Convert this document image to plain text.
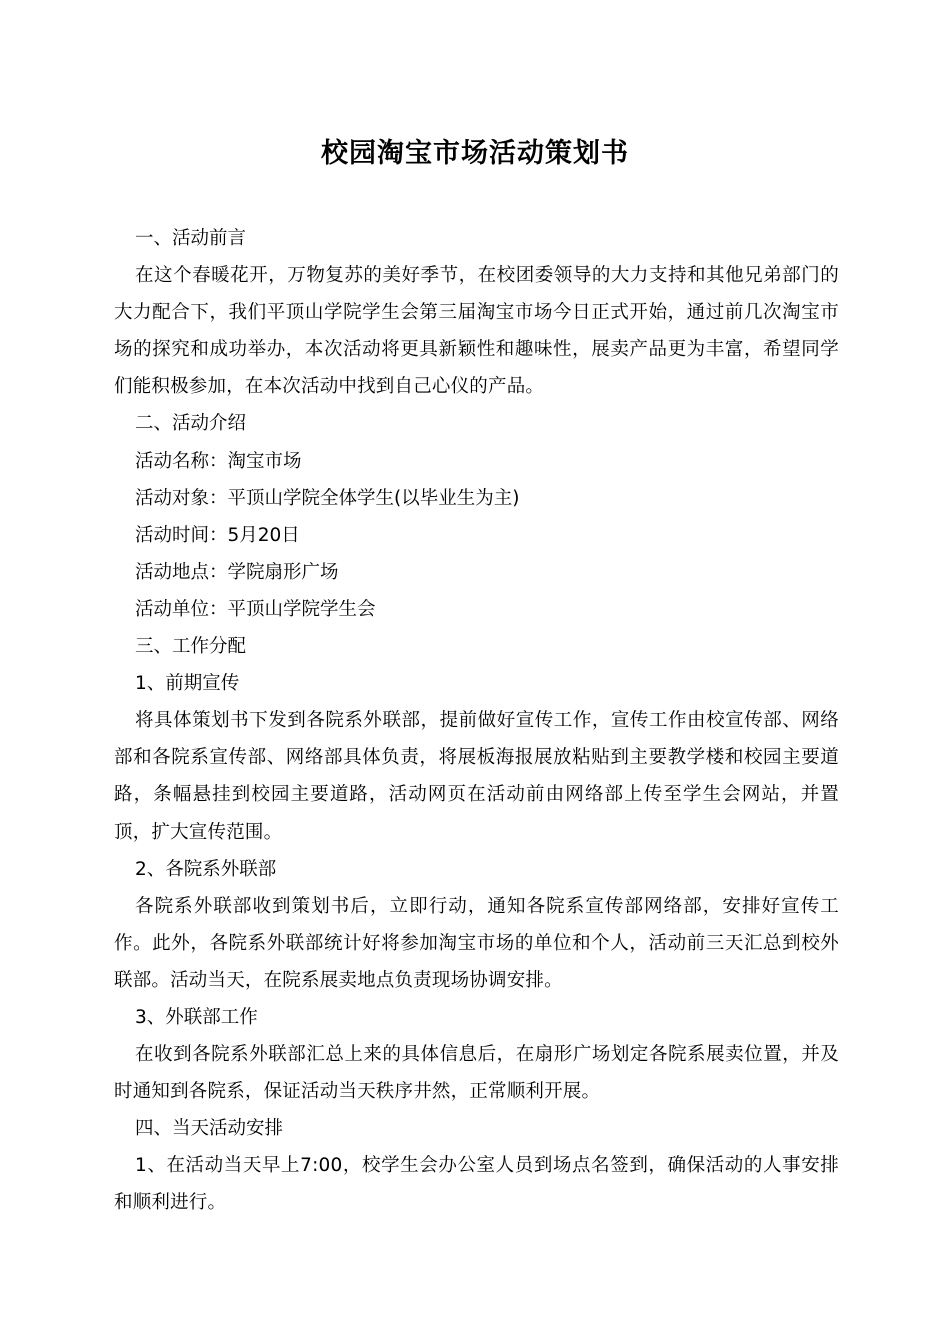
校园淘宝市场活动策划书
一、活动前言
在这个春暖花开，万物复苏的美好季节，在校团委领导的大力支持和其他兄弟部门的大力配合下，我们平顶山学院学生会第三届淘宝市场今日正式开始，通过前几次淘宝市场的探究和成功举办，本次活动将更具新颖性和趣味性，展卖产品更为丰富，希望同学们能积极参加，在本次活动中找到自己心仪的产品。
二、活动介绍
活动名称：淘宝市场
活动对象：平顶山学院全体学生(以毕业生为主)
活动时间：5月20日
活动地点：学院扇形广场
活动单位：平顶山学院学生会
三、工作分配
1、前期宣传
将具体策划书下发到各院系外联部，提前做好宣传工作，宣传工作由校宣传部、网络部和各院系宣传部、网络部具体负责，将展板海报展放粘贴到主要教学楼和校园主要道路，条幅悬挂到校园主要道路，活动网页在活动前由网络部上传至学生会网站，并置顶，扩大宣传范围。
2、各院系外联部
各院系外联部收到策划书后，立即行动，通知各院系宣传部网络部，安排好宣传工作。此外，各院系外联部统计好将参加淘宝市场的单位和个人，活动前三天汇总到校外联部。活动当天，在院系展卖地点负责现场协调安排。
3、外联部工作
在收到各院系外联部汇总上来的具体信息后，在扇形广场划定各院系展卖位置，并及时通知到各院系，保证活动当天秩序井然，正常顺利开展。
四、当天活动安排
1、在活动当天早上7:00，校学生会办公室人员到场点名签到，确保活动的人事安排和顺利进行。
